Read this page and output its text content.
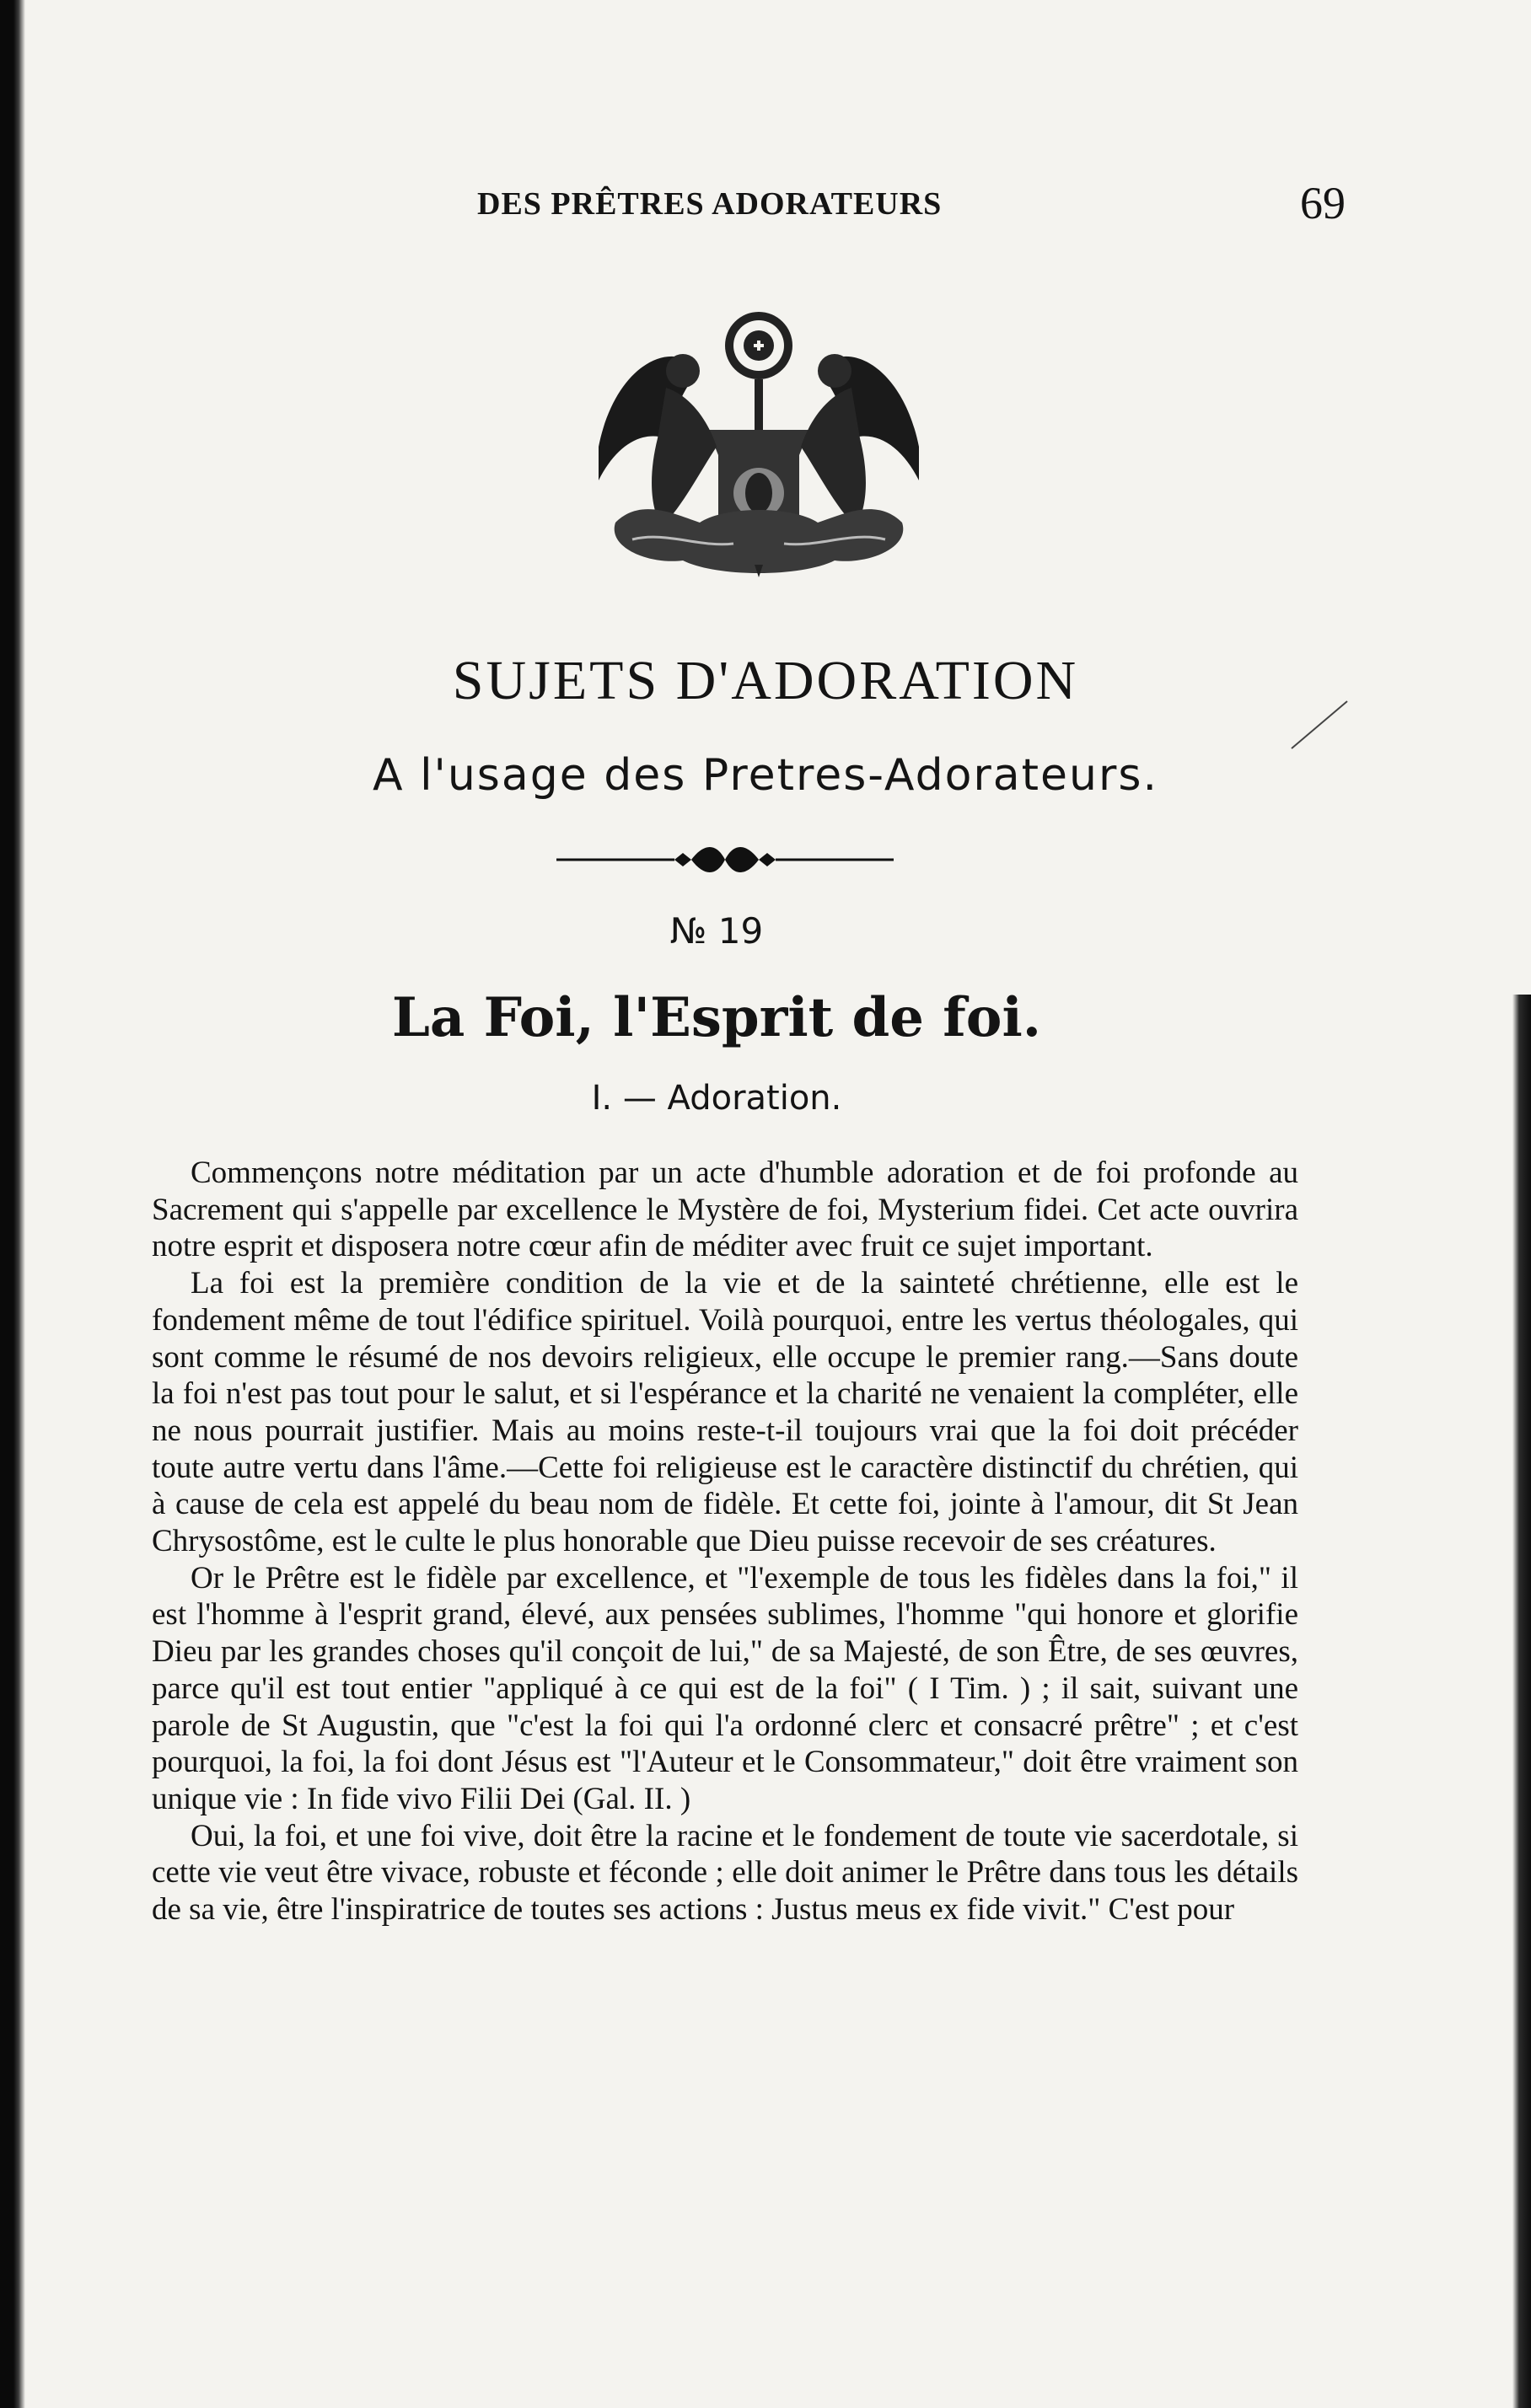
DES PRÊTRES ADORATEURS	69
SUJETS D'ADORATION
A l'usage des Pretres-Adorateurs.
№ 19
La Foi, l'Esprit de foi.
I. — Adoration.

Commençons notre méditation par un acte d'humble adoration et de foi profonde au Sacrement qui s'appelle par excellence le Mystère de foi, Mysterium fidei. Cet acte ouvrira notre esprit et disposera notre cœur afin de méditer avec fruit ce sujet important.

La foi est la première condition de la vie et de la sainteté chrétienne, elle est le fondement même de tout l'édifice spirituel. Voilà pourquoi, entre les vertus théologales, qui sont comme le résumé de nos devoirs religieux, elle occupe le premier rang.—Sans doute la foi n'est pas tout pour le salut, et si l'espérance et la charité ne venaient la compléter, elle ne nous pourrait justifier. Mais au moins reste-t-il toujours vrai que la foi doit précéder toute autre vertu dans l'âme.—Cette foi religieuse est le caractère distinctif du chrétien, qui à cause de cela est appelé du beau nom de fidèle. Et cette foi, jointe à l'amour, dit St Jean Chrysostôme, est le culte le plus honorable que Dieu puisse recevoir de ses créatures.

Or le Prêtre est le fidèle par excellence, et "l'exemple de tous les fidèles dans la foi," il est l'homme à l'esprit grand, élevé, aux pensées sublimes, l'homme "qui honore et glorifie Dieu par les grandes choses qu'il conçoit de lui," de sa Majesté, de son Être, de ses œuvres, parce qu'il est tout entier "appliqué à ce qui est de la foi" ( I Tim. ) ; il sait, suivant une parole de St Augustin, que "c'est la foi qui l'a ordonné clerc et consacré prêtre" ; et c'est pourquoi, la foi, la foi dont Jésus est "l'Auteur et le Consommateur," doit être vraiment son unique vie : In fide vivo Filii Dei (Gal. II. )

Oui, la foi, et une foi vive, doit être la racine et le fondement de toute vie sacerdotale, si cette vie veut être vivace, robuste et féconde ; elle doit animer le Prêtre dans tous les détails de sa vie, être l'inspiratrice de toutes ses actions : Justus meus ex fide vivit." C'est pour
